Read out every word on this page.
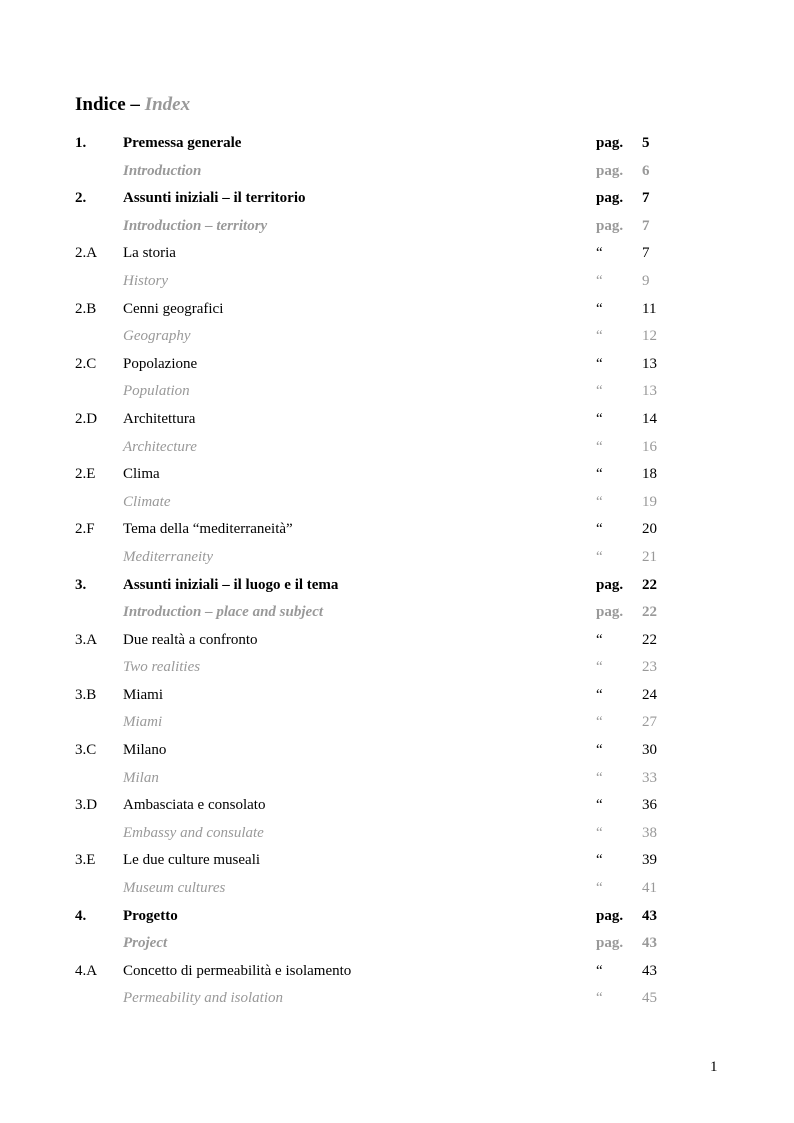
Indice – Index
1. Premessa generale	pag. 5
Introduction	pag. 6
2. Assunti iniziali – il territorio	pag. 7
Introduction – territory	pag. 7
2.A La storia	“	7
History	“	9
2.B Cenni geografici	“	11
Geography	“	12
2.C Popolazione	“	13
Population	“	13
2.D Architettura	“	14
Architecture	“	16
2.E Clima	“	18
Climate	“	19
2.F Tema della “mediterraneità”	“	20
Mediterraneity	“	21
3. Assunti iniziali – il luogo e il tema	pag. 22
Introduction – place and subject	pag. 22
3.A Due realtà a confronto	“	22
Two realities	“	23
3.B Miami	“	24
Miami	“	27
3.C Milano	“	30
Milan	“	33
3.D Ambasciata e consolato	“	36
Embassy and consulate	“	38
3.E Le due culture museali	“	39
Museum cultures	“	41
4. Progetto	pag. 43
Project	pag. 43
4.A Concetto di permeabilità e isolamento	“	43
Permeability and isolation	“	45
1
